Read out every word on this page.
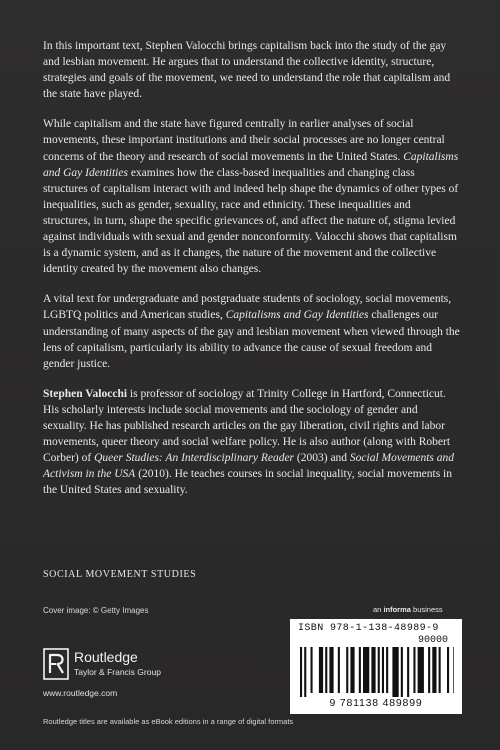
In this important text, Stephen Valocchi brings capitalism back into the study of the gay and lesbian movement. He argues that to understand the collective identity, structure, strategies and goals of the movement, we need to understand the role that capitalism and the state have played.

While capitalism and the state have figured centrally in earlier analyses of social movements, these important institutions and their social processes are no longer central concerns of the theory and research of social movements in the United States. Capitalisms and Gay Identities examines how the class-based inequalities and changing class structures of capitalism interact with and indeed help shape the dynamics of other types of inequalities, such as gender, sexuality, race and ethnicity. These inequalities and structures, in turn, shape the specific grievances of, and affect the nature of, stigma levied against individuals with sexual and gender nonconformity. Valocchi shows that capitalism is a dynamic system, and as it changes, the nature of the movement and the collective identity created by the movement also changes.

A vital text for undergraduate and postgraduate students of sociology, social movements, LGBTQ politics and American studies, Capitalisms and Gay Identities challenges our understanding of many aspects of the gay and lesbian movement when viewed through the lens of capitalism, particularly its ability to advance the cause of sexual freedom and gender justice.

Stephen Valocchi is professor of sociology at Trinity College in Hartford, Connecticut. His scholarly interests include social movements and the sociology of gender and sexuality. He has published research articles on the gay liberation, civil rights and labor movements, queer theory and social welfare policy. He is also author (along with Robert Corber) of Queer Studies: An Interdisciplinary Reader (2003) and Social Movements and Activism in the USA (2010). He teaches courses in social inequality, social movements in the United States and sexuality.

SOCIAL MOVEMENT STUDIES
Cover image: © Getty Images	an informa business
ISBN 978-1-138-48989-9
90000
9 781138 489899
Routledge
Taylor & Francis Group
www.routledge.com
Routledge titles are available as eBook editions in a range of digital formats
